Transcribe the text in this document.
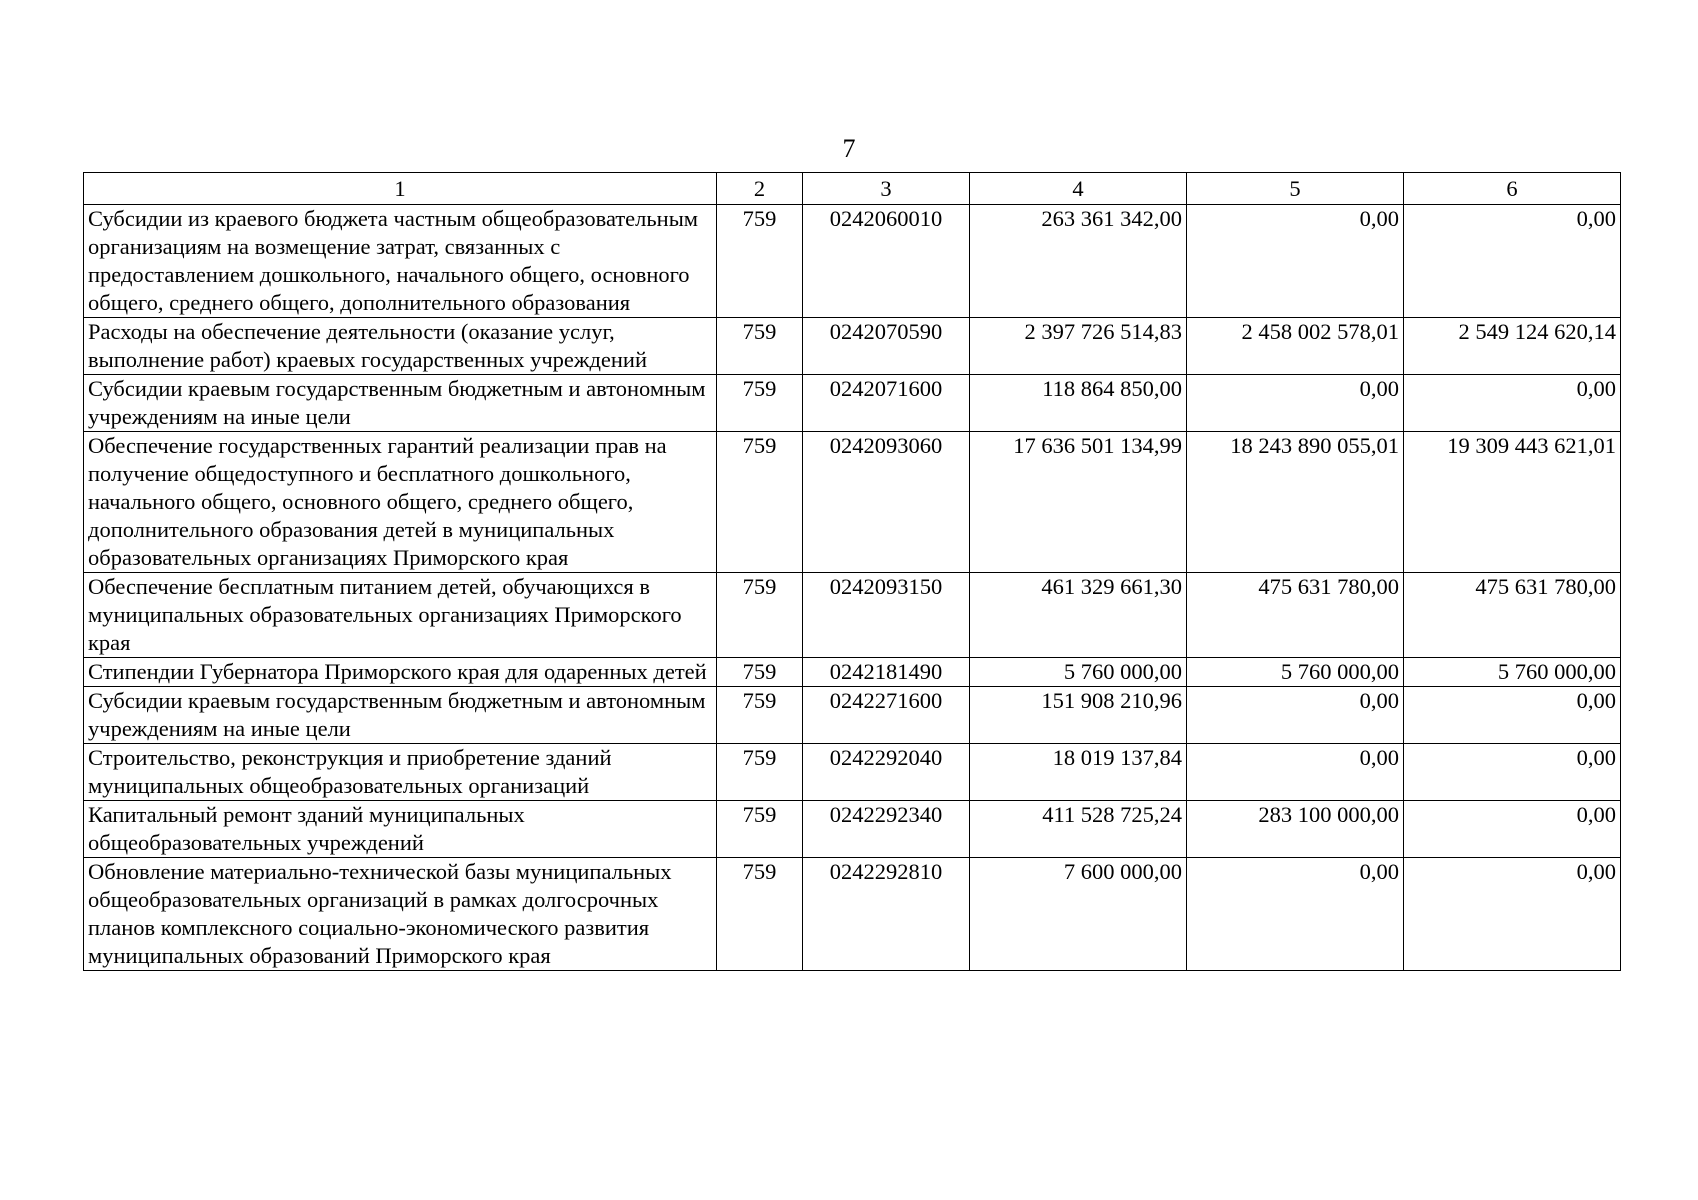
7
1	2	3	4	5	6
Субсидии из краевого бюджета частным общеобразовательным организациям на возмещение затрат, связанных с предоставлением дошкольного, начального общего, основного общего, среднего общего, дополнительного образования	759	0242060010	263 361 342,00	0,00	0,00
Расходы на обеспечение деятельности (оказание услуг, выполнение работ) краевых государственных учреждений	759	0242070590	2 397 726 514,83	2 458 002 578,01	2 549 124 620,14
Субсидии краевым государственным бюджетным и автономным учреждениям на иные цели	759	0242071600	118 864 850,00	0,00	0,00
Обеспечение государственных гарантий реализации прав на получение общедоступного и бесплатного дошкольного, начального общего, основного общего, среднего общего, дополнительного образования детей в муниципальных образовательных организациях Приморского края	759	0242093060	17 636 501 134,99	18 243 890 055,01	19 309 443 621,01
Обеспечение бесплатным питанием детей, обучающихся в муниципальных образовательных организациях Приморского края	759	0242093150	461 329 661,30	475 631 780,00	475 631 780,00
Стипендии Губернатора Приморского края для одаренных детей	759	0242181490	5 760 000,00	5 760 000,00	5 760 000,00
Субсидии краевым государственным бюджетным и автономным учреждениям на иные цели	759	0242271600	151 908 210,96	0,00	0,00
Строительство, реконструкция и приобретение зданий муниципальных общеобразовательных организаций	759	0242292040	18 019 137,84	0,00	0,00
Капитальный ремонт зданий муниципальных общеобразовательных учреждений	759	0242292340	411 528 725,24	283 100 000,00	0,00
Обновление материально-технической базы муниципальных общеобразовательных организаций в рамках долгосрочных планов комплексного социально-экономического развития муниципальных образований Приморского края	759	0242292810	7 600 000,00	0,00	0,00
